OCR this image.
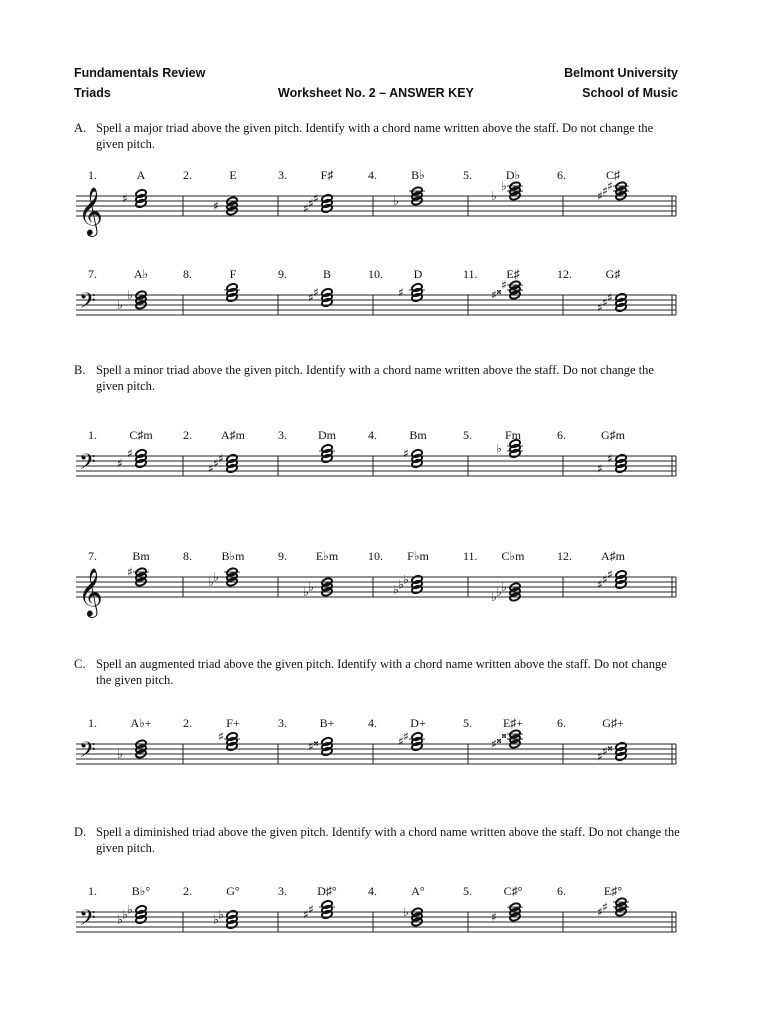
Fundamentals Review
Triads	Worksheet No. 2 – ANSWER KEY
Belmont University
School of Music
A. Spell a major triad above the given pitch. Identify with a chord name written above the staff. Do not change the given pitch.
1.	A	2.	E	3.	F♯	4.	B♭	5.	D♭	6.	C♯
𝄞 ♯
♯	♯ ♯ ♯	♭	♭
♭
♯ ♯ ♯
7.	A♭	8.	F	9.	B	10.	D	11. E♯	12.	G♯
𝄢 ♭
♭	♯ ♯	♯	♯ 𝄪 ♯
♯ ♯ ♯
B. Spell a minor triad above the given pitch. Identify with a chord name written above the staff. Do not change the given pitch.
1.	C♯m	2. A♯m	3.	Dm	4.	Bm	5.	Fm	6.	G♯m
𝄢 ♯
♯
♯ ♯ ♯	♯	♭
♯
♯
7.	Bm	8. B♭m	9. E♭m 10. F♭m	11. C♭m	12. A♯m
𝄞 ♯
♭ ♭
♭ ♭	♭ ♭ ♭
♭ ♭ ♭	♯ ♯ ♯
C. Spell an augmented triad above the given pitch. Identify with a chord name written above the staff. Do not change the given pitch.
1.	A♭+	2.	F+	3.	B+	4.	D+	5.	E♯+	6.	G♯+
𝄢 ♭
♯
♯ 𝄪	♯ ♯
♯ 𝄪 𝄪
♯ ♯ 𝄪
D. Spell a diminished triad above the given pitch. Identify with a chord name written above the staff. Do not change the given pitch.
1.	B♭°	2.	G°	3.	D♯°	4.	A°	5.	C♯°	6.	E♯°
𝄢 ♭ ♭ ♭
♭ ♭	♯ ♯	♭	♯	♯ ♯
